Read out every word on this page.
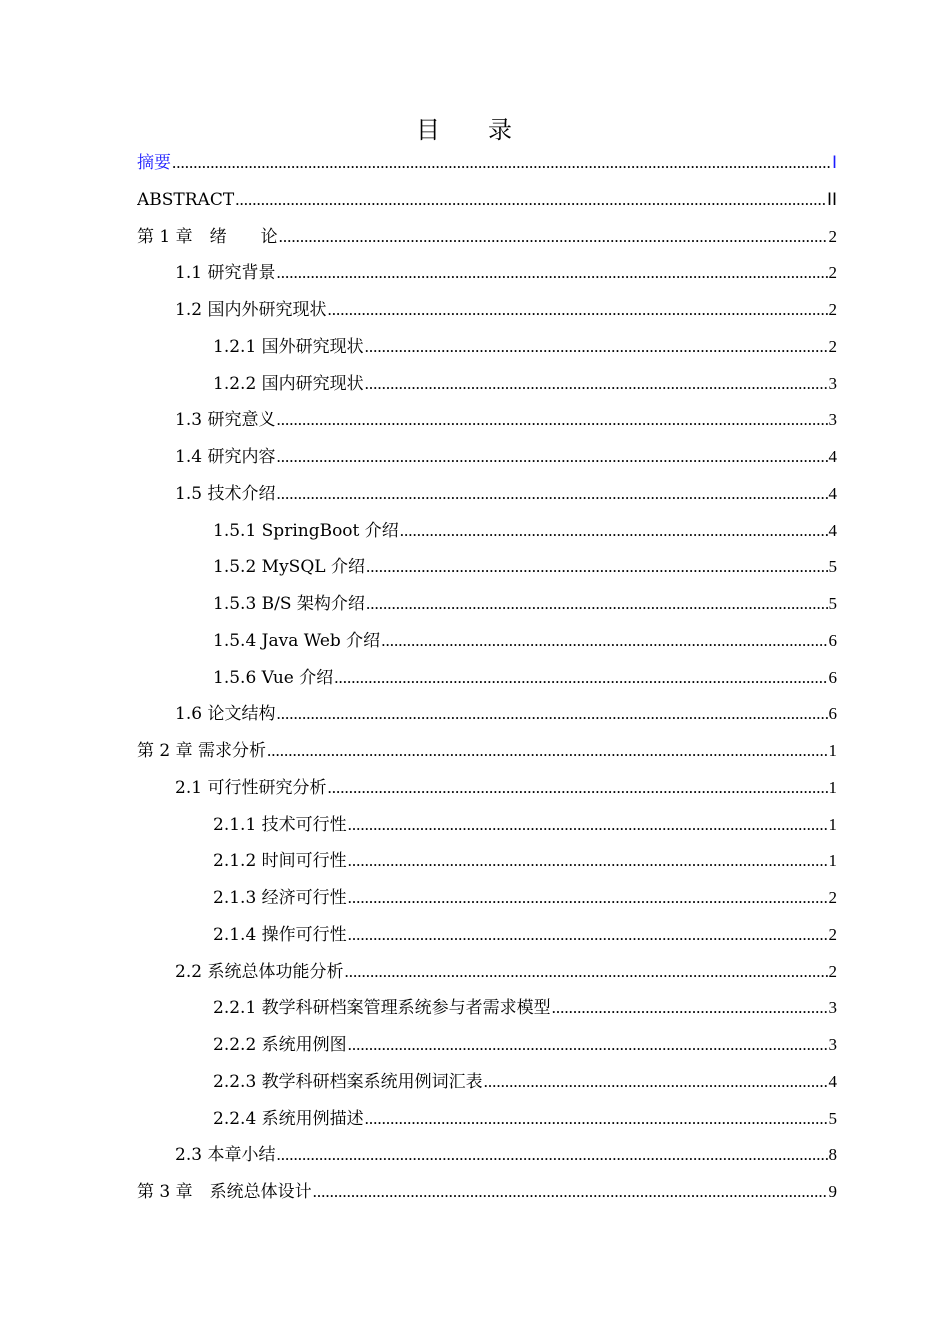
目录
摘要 .....	I
ABSTRACT .....	II
第 1 章　绪　　论 .....	2
1.1 研究背景 .....	2
1.2 国内外研究现状 .....	2
1.2.1 国外研究现状 .....	2
1.2.2 国内研究现状 .....	3
1.3 研究意义 .....	3
1.4 研究内容 .....	4
1.5 技术介绍 .....	4
1.5.1 SpringBoot 介绍 .....	4
1.5.2 MySQL 介绍 .....	5
1.5.3 B/S 架构介绍 .....	5
1.5.4 Java Web 介绍 .....	6
1.5.6 Vue 介绍 .....	6
1.6 论文结构 .....	6
第 2 章 需求分析 .....	1
2.1 可行性研究分析 .....	1
2.1.1 技术可行性 .....	1
2.1.2 时间可行性 .....	1
2.1.3 经济可行性 .....	2
2.1.4 操作可行性 .....	2
2.2 系统总体功能分析 .....	2
2.2.1 教学科研档案管理系统参与者需求模型 .....	3
2.2.2 系统用例图 .....	3
2.2.3 教学科研档案系统用例词汇表 .....	4
2.2.4 系统用例描述 .....	5
2.3 本章小结 .....	8
第 3 章　系统总体设计 .....	9
